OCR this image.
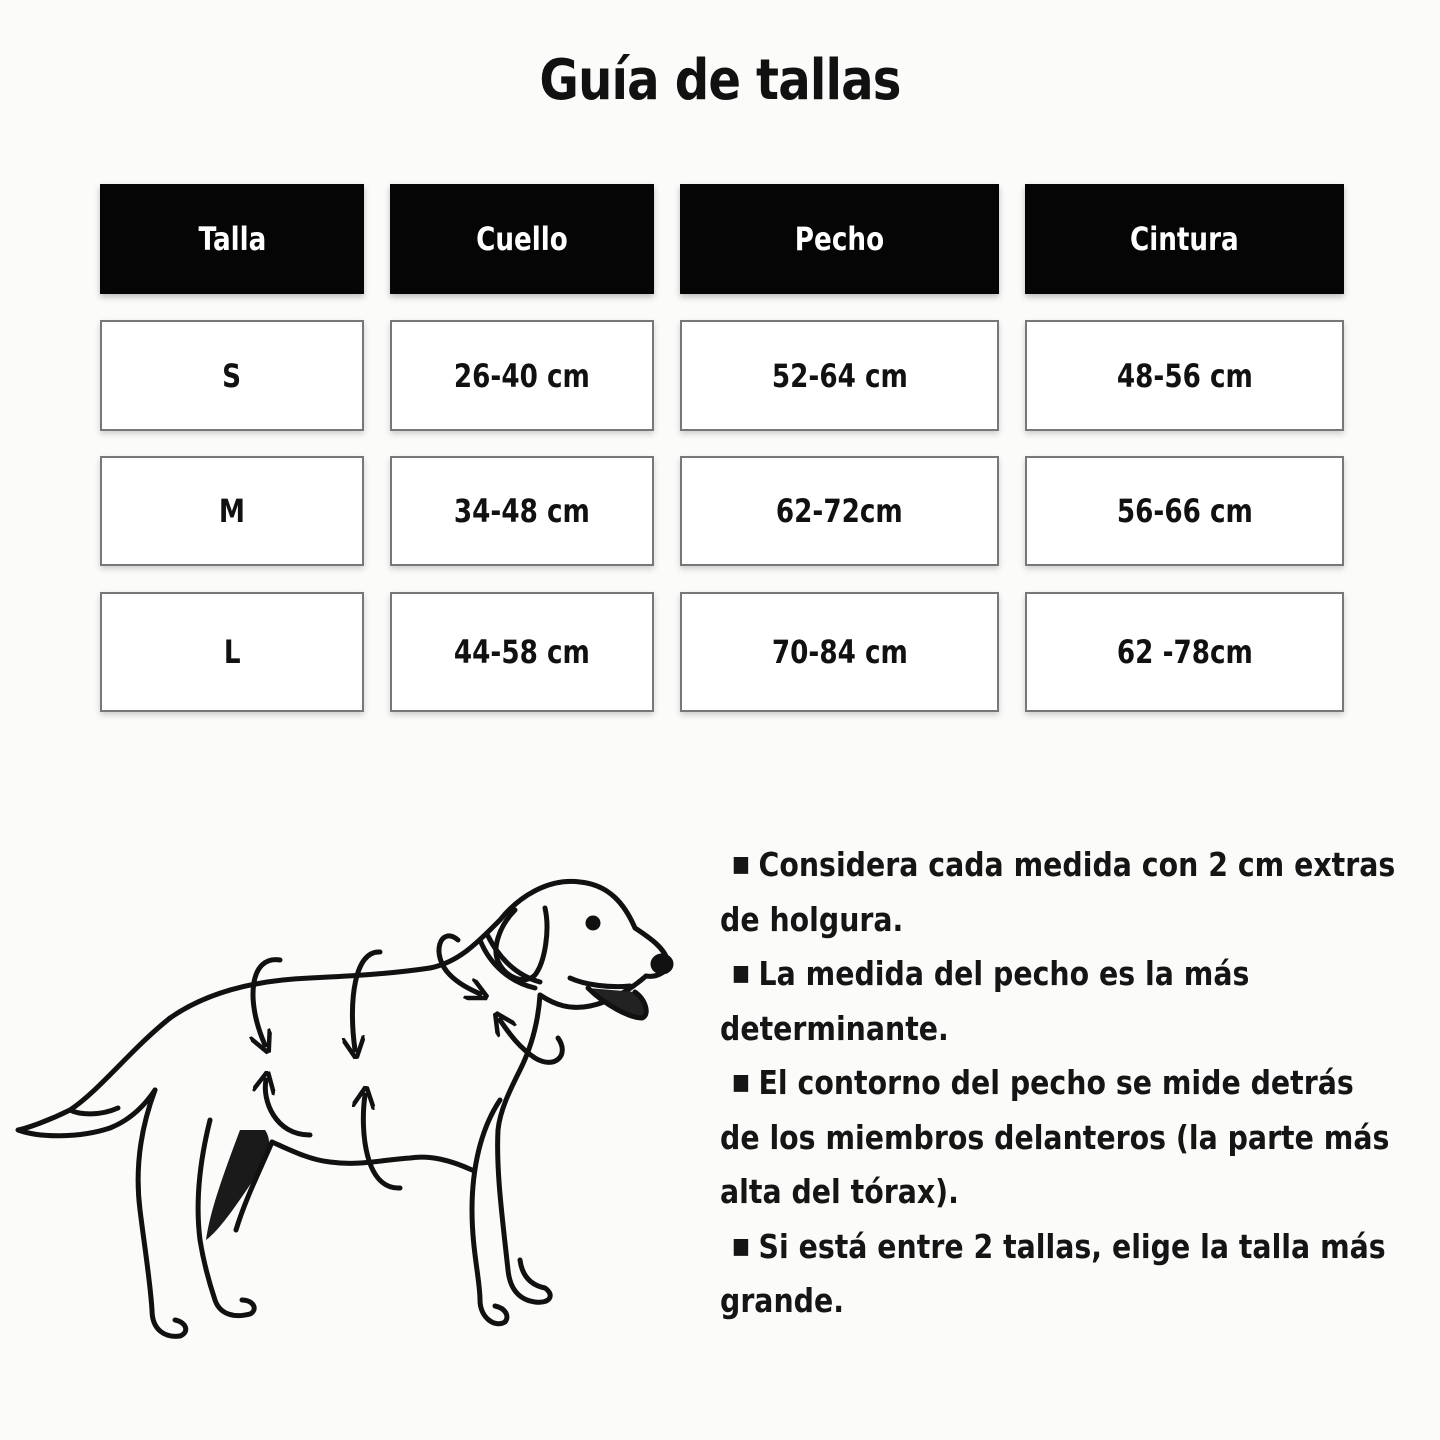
Guía de tallas
Talla	Cuello	Pecho	Cintura
S	26-40 cm	52-64 cm	48-56 cm
M	34-48 cm	62-72cm	56-66 cm
L	44-58 cm	70-84 cm	62 -78cm
■ Considera cada medida con 2 cm extras de holgura.
■ La medida del pecho es la más determinante.
■ El contorno del pecho se mide detrás de los miembros delanteros (la parte más alta del tórax).
■ Si está entre 2 tallas, elige la talla más grande.
